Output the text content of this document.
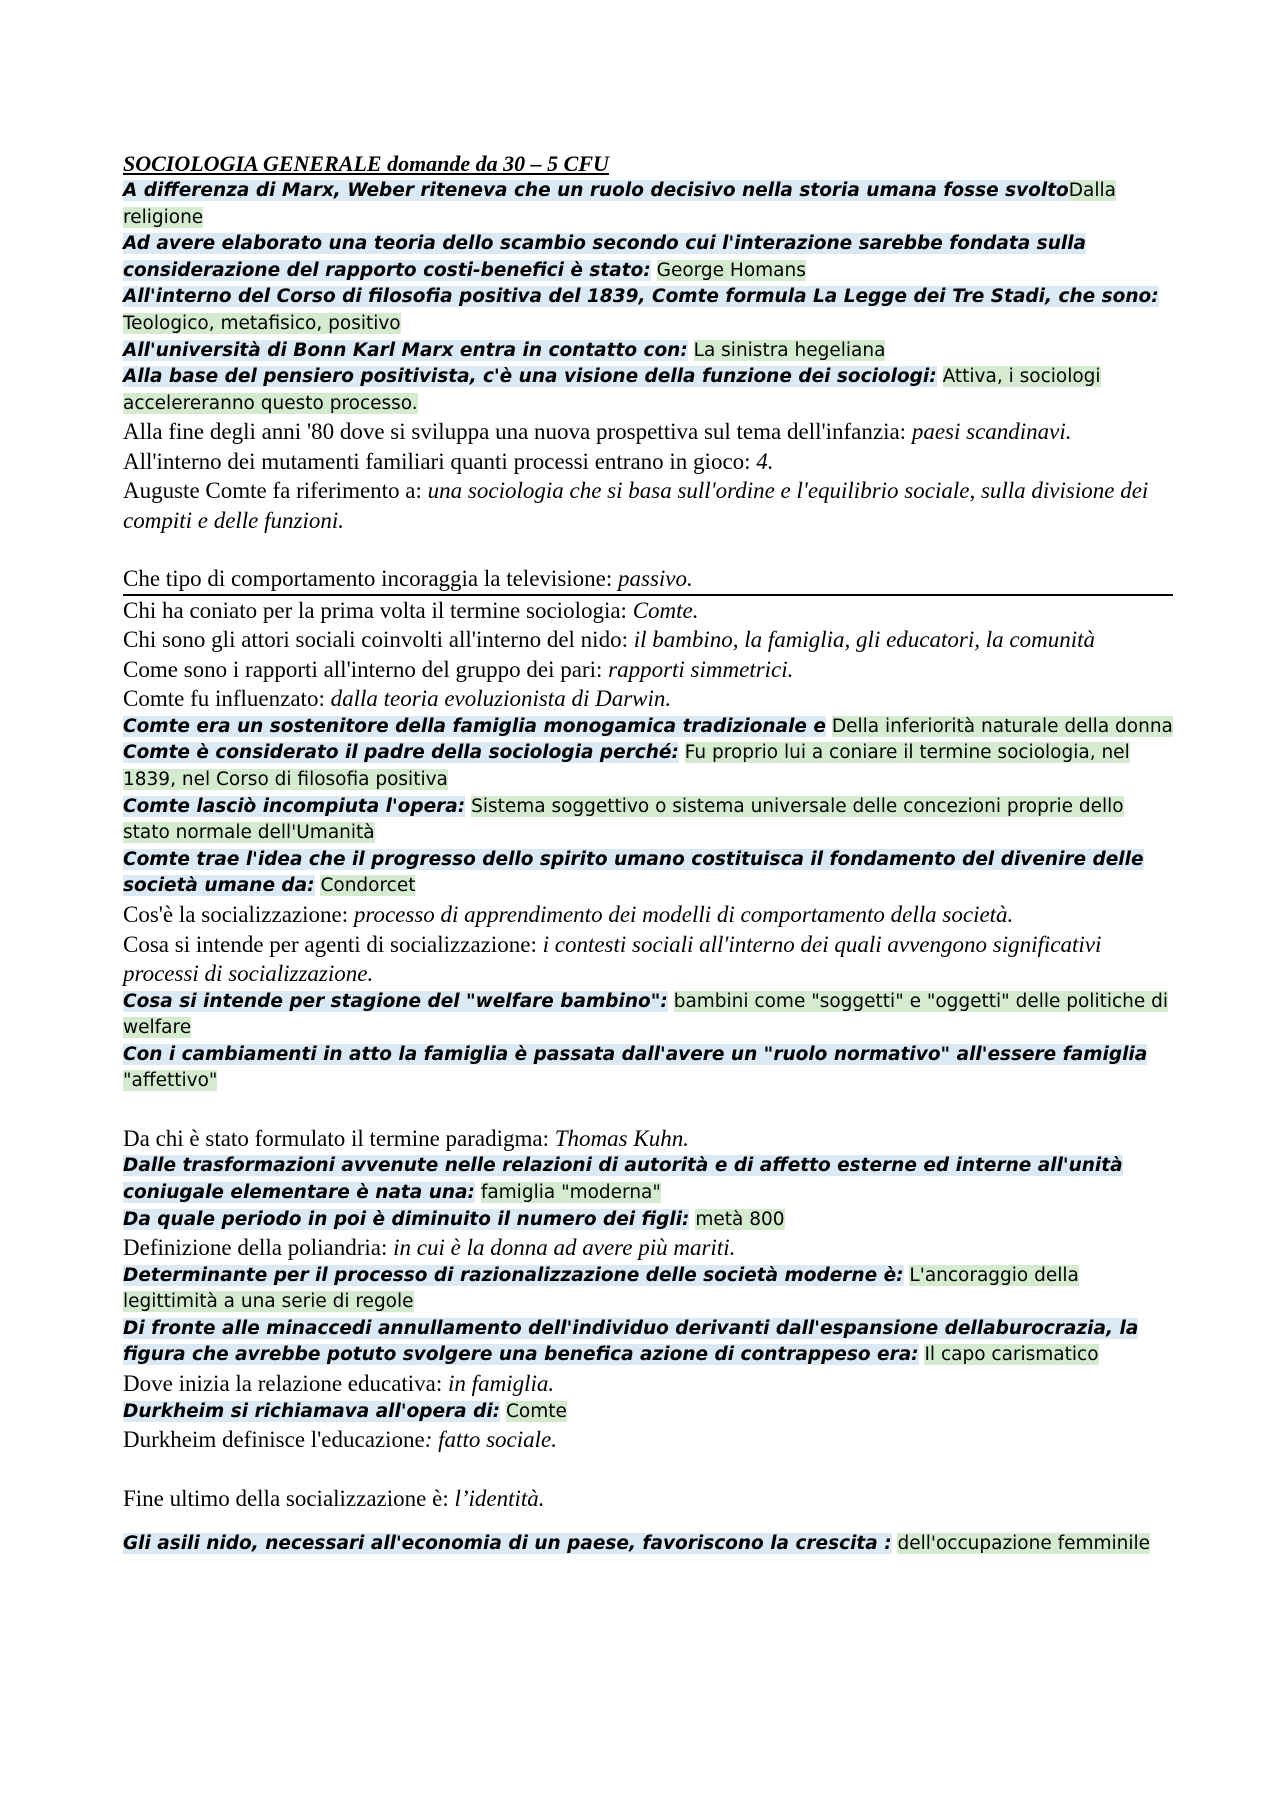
SOCIOLOGIA GENERALE domande da 30 – 5 CFU

A differenza di Marx, Weber riteneva che un ruolo decisivo nella storia umana fosse svoltoDalla religione

Ad avere elaborato una teoria dello scambio secondo cui l'interazione sarebbe fondata sulla considerazione del rapporto costi-benefici è stato: George Homans

All'interno del Corso di filosofia positiva del 1839, Comte formula La Legge dei Tre Stadi, che sono: Teologico, metafisico, positivo

All'università di Bonn Karl Marx entra in contatto con: La sinistra hegeliana

Alla base del pensiero positivista, c'è una visione della funzione dei sociologi: Attiva, i sociologi accelereranno questo processo.

Alla fine degli anni '80 dove si sviluppa una nuova prospettiva sul tema dell'infanzia: paesi scandinavi.

All'interno dei mutamenti familiari quanti processi entrano in gioco: 4.

Auguste Comte fa riferimento a: una sociologia che si basa sull'ordine e l'equilibrio sociale, sulla divisione dei compiti e delle funzioni.

Che tipo di comportamento incoraggia la televisione: passivo.

Chi ha coniato per la prima volta il termine sociologia: Comte.

Chi sono gli attori sociali coinvolti all'interno del nido: il bambino, la famiglia, gli educatori, la comunità

Come sono i rapporti all'interno del gruppo dei pari: rapporti simmetrici.

Comte fu influenzato: dalla teoria evoluzionista di Darwin.

Comte era un sostenitore della famiglia monogamica tradizionale e Della inferiorità naturale della donna

Comte è considerato il padre della sociologia perché: Fu proprio lui a coniare il termine sociologia, nel 1839, nel Corso di filosofia positiva

Comte lasciò incompiuta l'opera: Sistema soggettivo o sistema universale delle concezioni proprie dello stato normale dell'Umanità

Comte trae l'idea che il progresso dello spirito umano costituisca il fondamento del divenire delle società umane da: Condorcet

Cos'è la socializzazione: processo di apprendimento dei modelli di comportamento della società.

Cosa si intende per agenti di socializzazione: i contesti sociali all'interno dei quali avvengono significativi processi di socializzazione.

Cosa si intende per stagione del "welfare bambino": bambini come "soggetti" e "oggetti" delle politiche di welfare

Con i cambiamenti in atto la famiglia è passata dall'avere un "ruolo normativo" all'essere famiglia "affettivo"

Da chi è stato formulato il termine paradigma: Thomas Kuhn.

Dalle trasformazioni avvenute nelle relazioni di autorità e di affetto esterne ed interne all'unità coniugale elementare è nata una: famiglia "moderna"

Da quale periodo in poi è diminuito il numero dei figli: metà 800

Definizione della poliandria: in cui è la donna ad avere più mariti.

Determinante per il processo di razionalizzazione delle società moderne è: L'ancoraggio della legittimità a una serie di regole

Di fronte alle minaccedi annullamento dell'individuo derivanti dall'espansione dellaburocrazia, la figura che avrebbe potuto svolgere una benefica azione di contrappeso era: Il capo carismatico

Dove inizia la relazione educativa: in famiglia.

Durkheim si richiamava all'opera di: Comte

Durkheim definisce l'educazione: fatto sociale.

Fine ultimo della socializzazione è: l’identità.

Gli asili nido, necessari all'economia di un paese, favoriscono la crescita : dell'occupazione femminile
